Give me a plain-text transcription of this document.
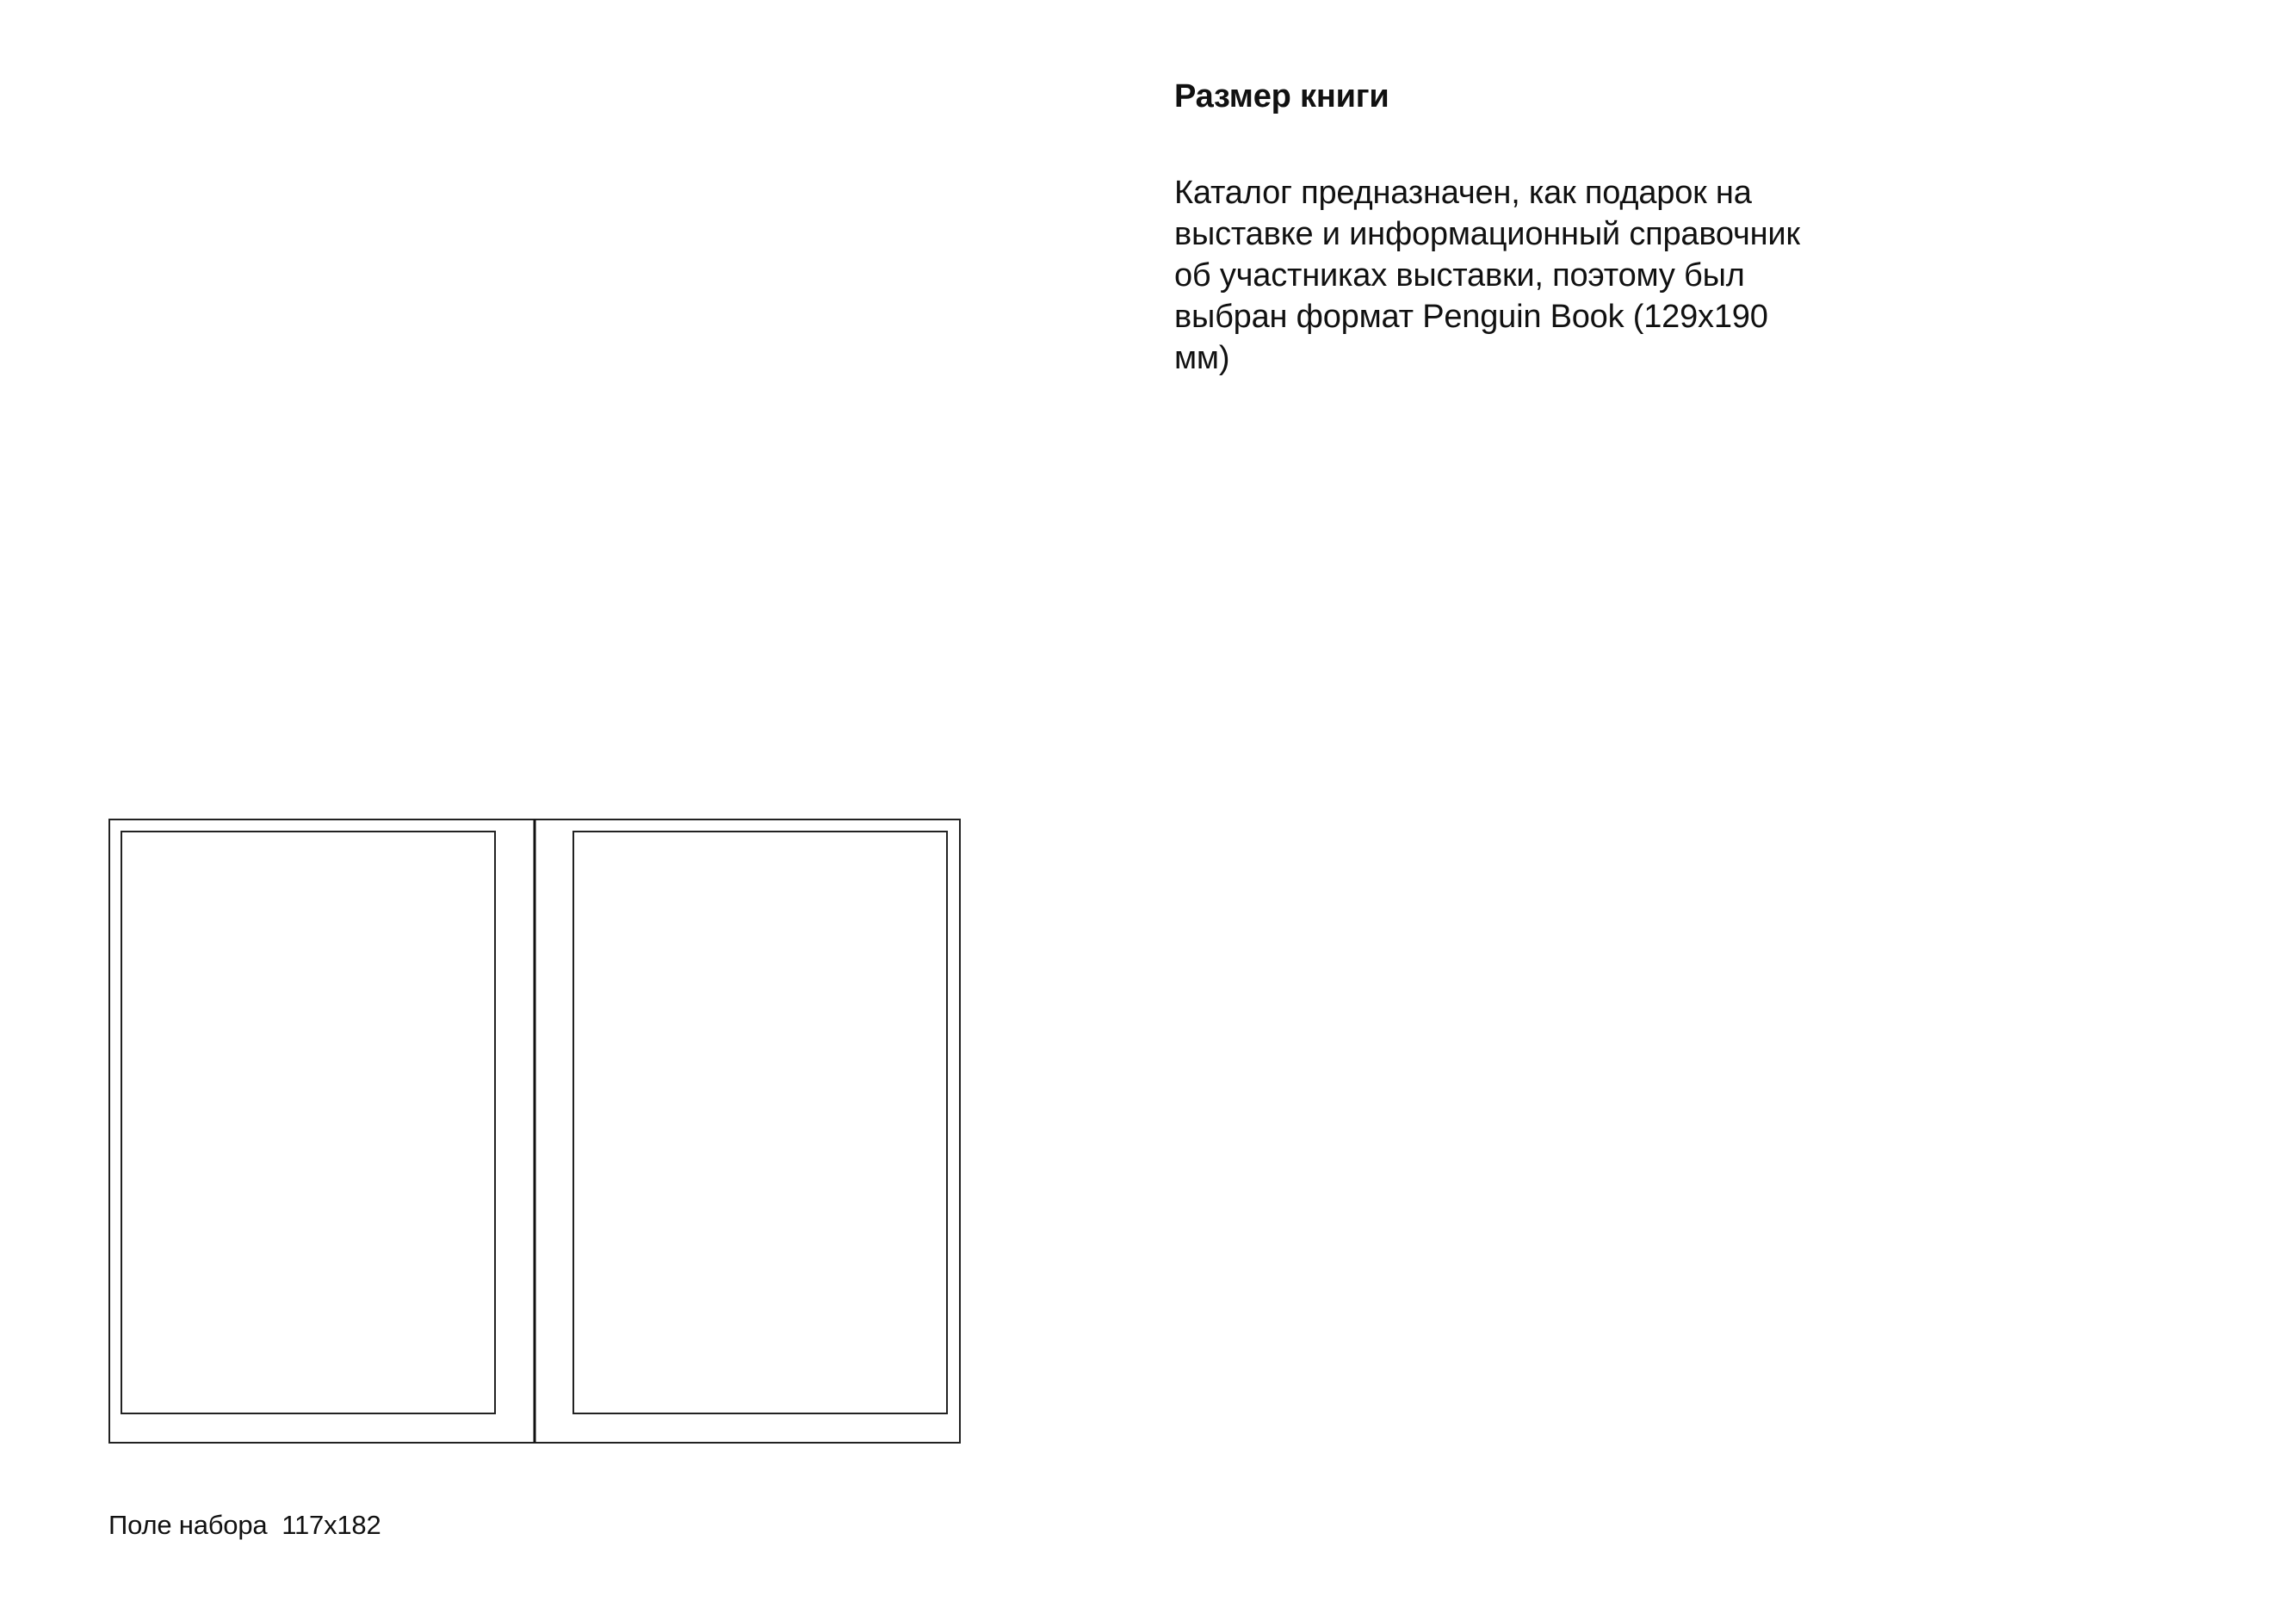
Размер книги

Каталог предназначен, как подарок на выставке и информационный справочник об участниках выставки, поэтому был выбран формат Penguin Book (129х190 мм)

Поле набора  117х182
